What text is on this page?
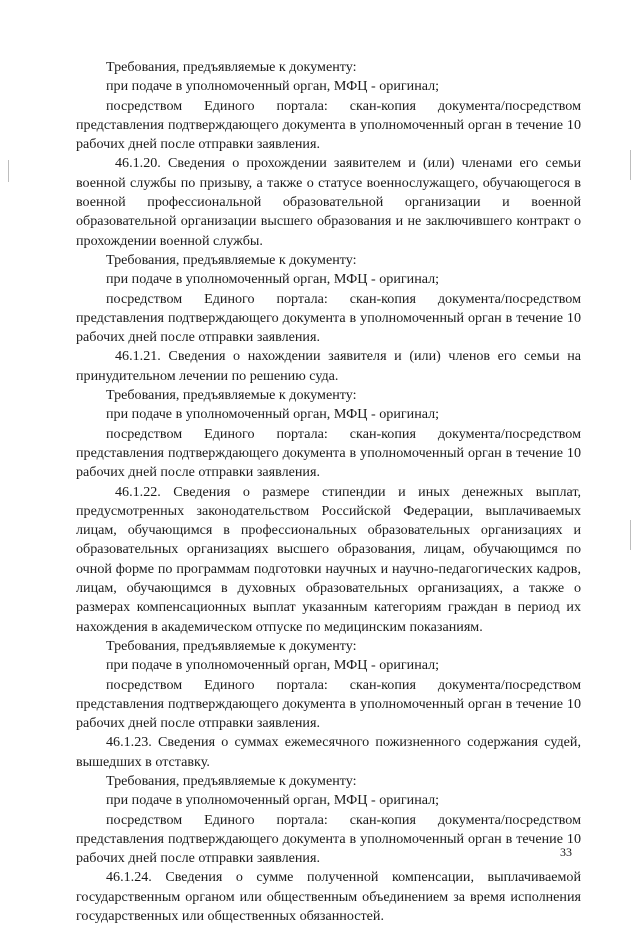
Требования, предъявляемые к документу:

при подаче в уполномоченный орган, МФЦ - оригинал;

посредством Единого портала: скан-копия документа/посредством представления подтверждающего документа в уполномоченный орган в течение 10 рабочих дней после отправки заявления.

46.1.20. Сведения о прохождении заявителем и (или) членами его семьи военной службы по призыву, а также о статусе военнослужащего, обучающегося в военной профессиональной образовательной организации и военной образовательной организации высшего образования и не заключившего контракт о прохождении военной службы.

Требования, предъявляемые к документу:

при подаче в уполномоченный орган, МФЦ - оригинал;

посредством Единого портала: скан-копия документа/посредством представления подтверждающего документа в уполномоченный орган в течение 10 рабочих дней после отправки заявления.

46.1.21. Сведения о нахождении заявителя и (или) членов его семьи на принудительном лечении по решению суда.

Требования, предъявляемые к документу:

при подаче в уполномоченный орган, МФЦ - оригинал;

посредством Единого портала: скан-копия документа/посредством представления подтверждающего документа в уполномоченный орган в течение 10 рабочих дней после отправки заявления.

46.1.22. Сведения о размере стипендии и иных денежных выплат, предусмотренных законодательством Российской Федерации, выплачиваемых лицам, обучающимся в профессиональных образовательных организациях и образовательных организациях высшего образования, лицам, обучающимся по очной форме по программам подготовки научных и научно-педагогических кадров, лицам, обучающимся в духовных образовательных организациях, а также о размерах компенсационных выплат указанным категориям граждан в период их нахождения в академическом отпуске по медицинским показаниям.

Требования, предъявляемые к документу:

при подаче в уполномоченный орган, МФЦ - оригинал;

посредством Единого портала: скан-копия документа/посредством представления подтверждающего документа в уполномоченный орган в течение 10 рабочих дней после отправки заявления.

46.1.23. Сведения о суммах ежемесячного пожизненного содержания судей, вышедших в отставку.

Требования, предъявляемые к документу:

при подаче в уполномоченный орган, МФЦ - оригинал;

посредством Единого портала: скан-копия документа/посредством представления подтверждающего документа в уполномоченный орган в течение 10 рабочих дней после отправки заявления.

46.1.24. Сведения о сумме полученной компенсации, выплачиваемой государственным органом или общественным объединением за время исполнения государственных или общественных обязанностей.

33
